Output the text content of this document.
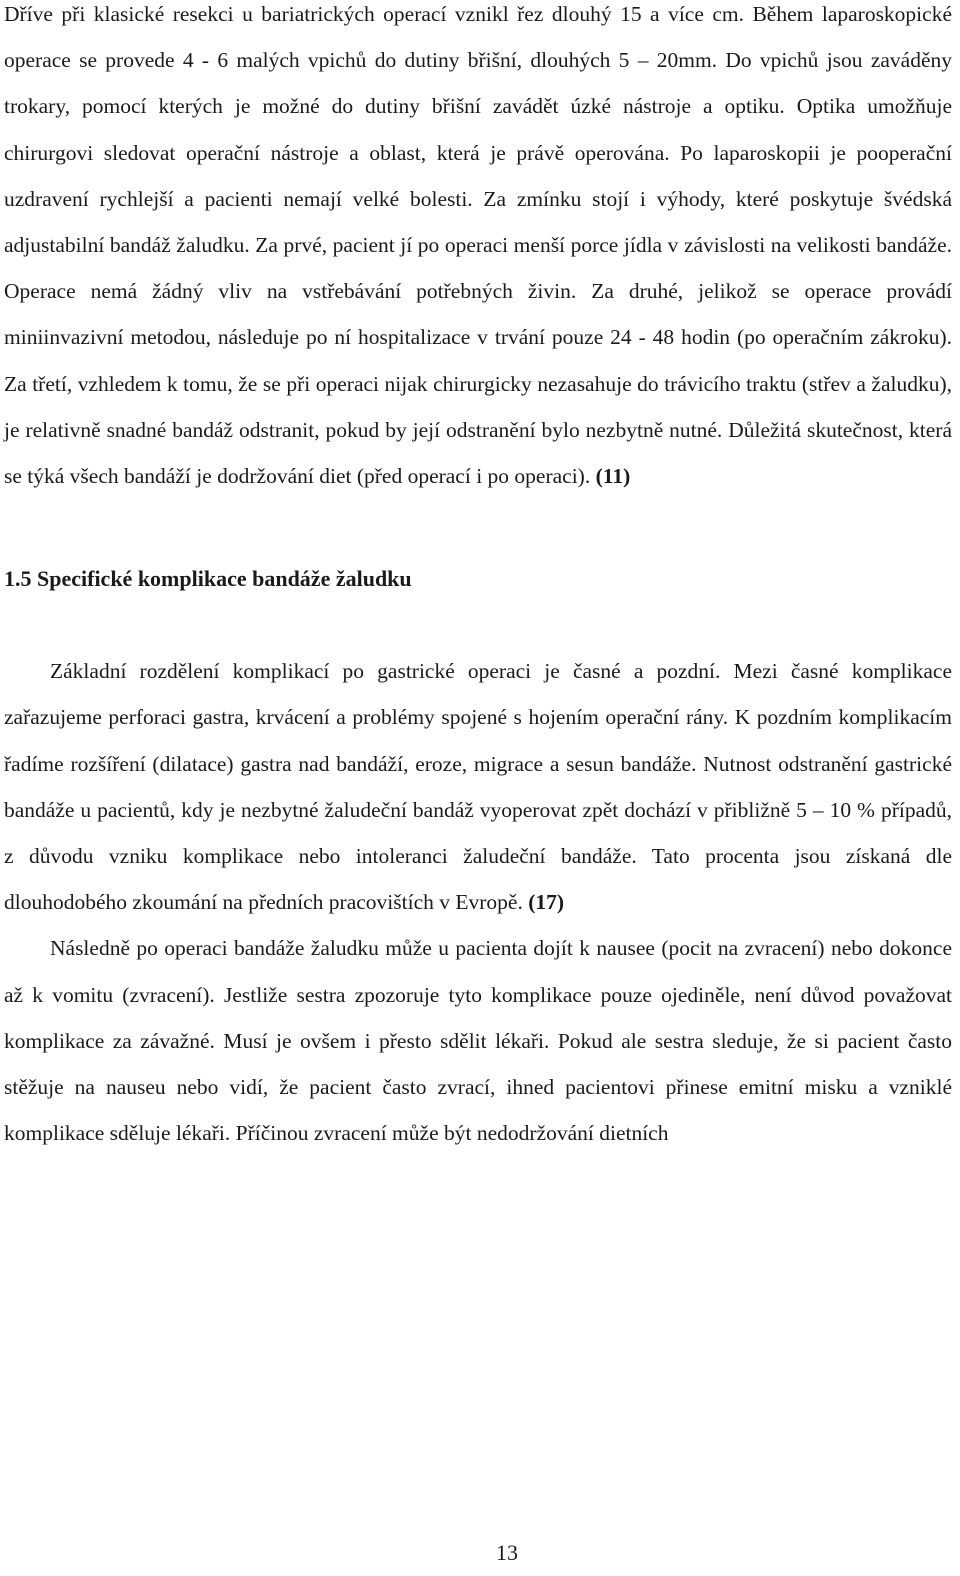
Dříve při klasické resekci u bariatrických operací vznikl řez dlouhý 15 a více cm. Během laparoskopické operace se provede 4 - 6 malých vpichů do dutiny břišní, dlouhých 5 – 20mm. Do vpichů jsou zaváděny trokary, pomocí kterých je možné do dutiny břišní zavádět úzké nástroje a optiku. Optika umožňuje chirurgovi sledovat operační nástroje a oblast, která je právě operována. Po laparoskopii je pooperační uzdravení rychlejší a pacienti nemají velké bolesti. Za zmínku stojí i výhody, které poskytuje švédská adjustabilní bandáž žaludku. Za prvé, pacient jí po operaci menší porce jídla v závislosti na velikosti bandáže. Operace nemá žádný vliv na vstřebávání potřebných živin. Za druhé, jelikož se operace provádí miniinvazivní metodou, následuje po ní hospitalizace v trvání pouze 24 - 48 hodin (po operačním zákroku). Za třetí, vzhledem k tomu, že se při operaci nijak chirurgicky nezasahuje do trávicího traktu (střev a žaludku), je relativně snadné bandáž odstranit, pokud by její odstranění bylo nezbytně nutné. Důležitá skutečnost, která se týká všech bandáží je dodržování diet (před operací i po operaci). (11)

1.5 Specifické komplikace bandáže žaludku

Základní rozdělení komplikací po gastrické operaci je časné a pozdní. Mezi časné komplikace zařazujeme perforaci gastra, krvácení a problémy spojené s hojením operační rány. K pozdním komplikacím řadíme rozšíření (dilatace) gastra nad bandáží, eroze, migrace a sesun bandáže. Nutnost odstranění gastrické bandáže u pacientů, kdy je nezbytné žaludeční bandáž vyoperovat zpět dochází v přibližně 5 – 10 % případů, z důvodu vzniku komplikace nebo intoleranci žaludeční bandáže. Tato procenta jsou získaná dle dlouhodobého zkoumání na předních pracovištích v Evropě. (17)

Následně po operaci bandáže žaludku může u pacienta dojít k nausee (pocit na zvracení) nebo dokonce až k vomitu (zvracení). Jestliže sestra zpozoruje tyto komplikace pouze ojediněle, není důvod považovat komplikace za závažné. Musí je ovšem i přesto sdělit lékaři. Pokud ale sestra sleduje, že si pacient často stěžuje na nauseu nebo vidí, že pacient často zvrací, ihned pacientovi přinese emitní misku a vzniklé komplikace sděluje lékaři. Příčinou zvracení může být nedodržování dietních

13
